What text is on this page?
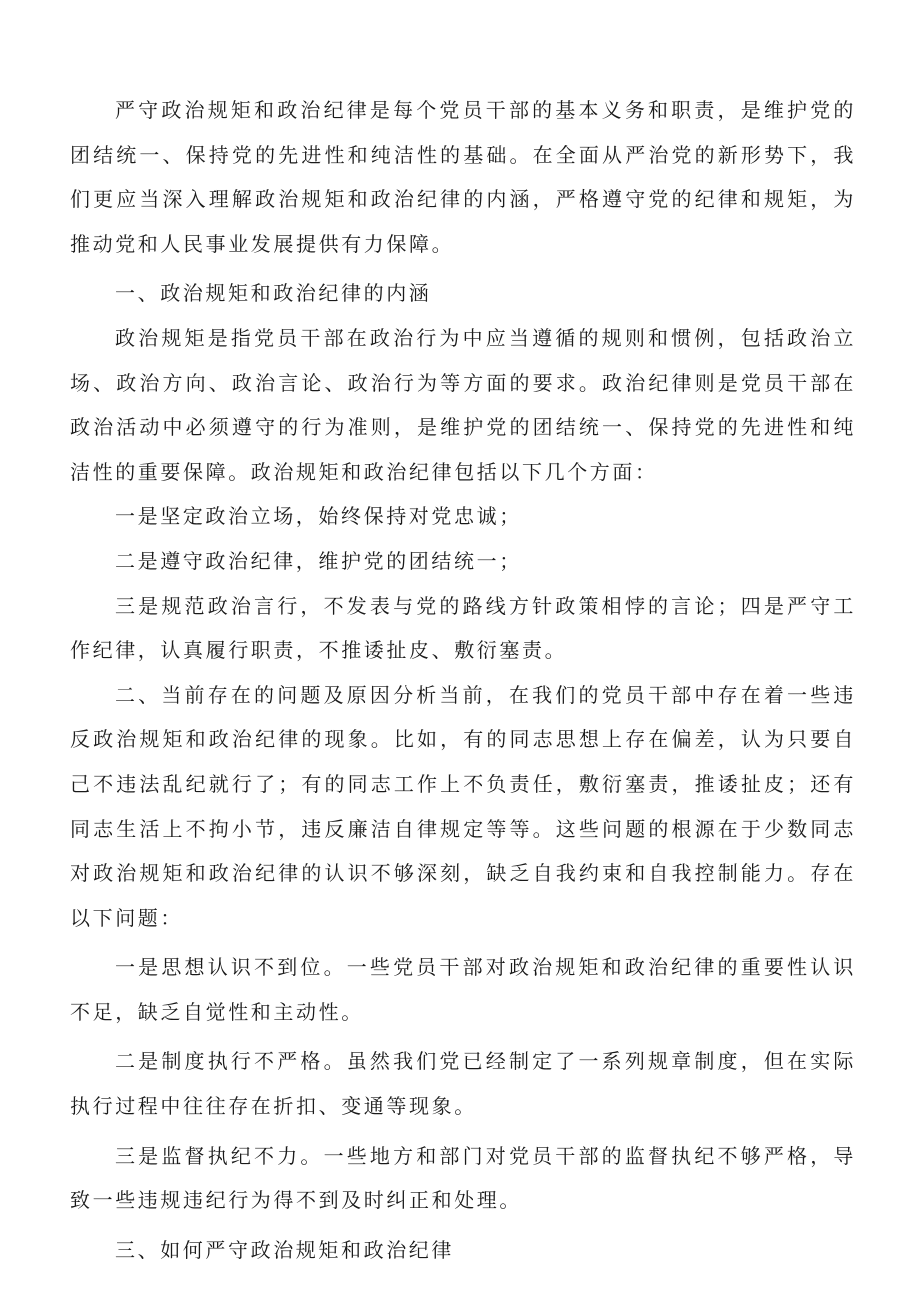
严守政治规矩和政治纪律是每个党员干部的基本义务和职责，是维护党的团结统一、保持党的先进性和纯洁性的基础。在全面从严治党的新形势下，我们更应当深入理解政治规矩和政治纪律的内涵，严格遵守党的纪律和规矩，为推动党和人民事业发展提供有力保障。

一、政治规矩和政治纪律的内涵

政治规矩是指党员干部在政治行为中应当遵循的规则和惯例，包括政治立场、政治方向、政治言论、政治行为等方面的要求。政治纪律则是党员干部在政治活动中必须遵守的行为准则，是维护党的团结统一、保持党的先进性和纯洁性的重要保障。政治规矩和政治纪律包括以下几个方面：

一是坚定政治立场，始终保持对党忠诚；

二是遵守政治纪律，维护党的团结统一；

三是规范政治言行，不发表与党的路线方针政策相悖的言论；四是严守工作纪律，认真履行职责，不推诿扯皮、敷衍塞责。

二、当前存在的问题及原因分析当前，在我们的党员干部中存在着一些违反政治规矩和政治纪律的现象。比如，有的同志思想上存在偏差，认为只要自己不违法乱纪就行了；有的同志工作上不负责任，敷衍塞责，推诿扯皮；还有同志生活上不拘小节，违反廉洁自律规定等等。这些问题的根源在于少数同志对政治规矩和政治纪律的认识不够深刻，缺乏自我约束和自我控制能力。存在以下问题：

一是思想认识不到位。一些党员干部对政治规矩和政治纪律的重要性认识不足，缺乏自觉性和主动性。

二是制度执行不严格。虽然我们党已经制定了一系列规章制度，但在实际执行过程中往往存在折扣、变通等现象。

三是监督执纪不力。一些地方和部门对党员干部的监督执纪不够严格，导致一些违规违纪行为得不到及时纠正和处理。

三、如何严守政治规矩和政治纪律
